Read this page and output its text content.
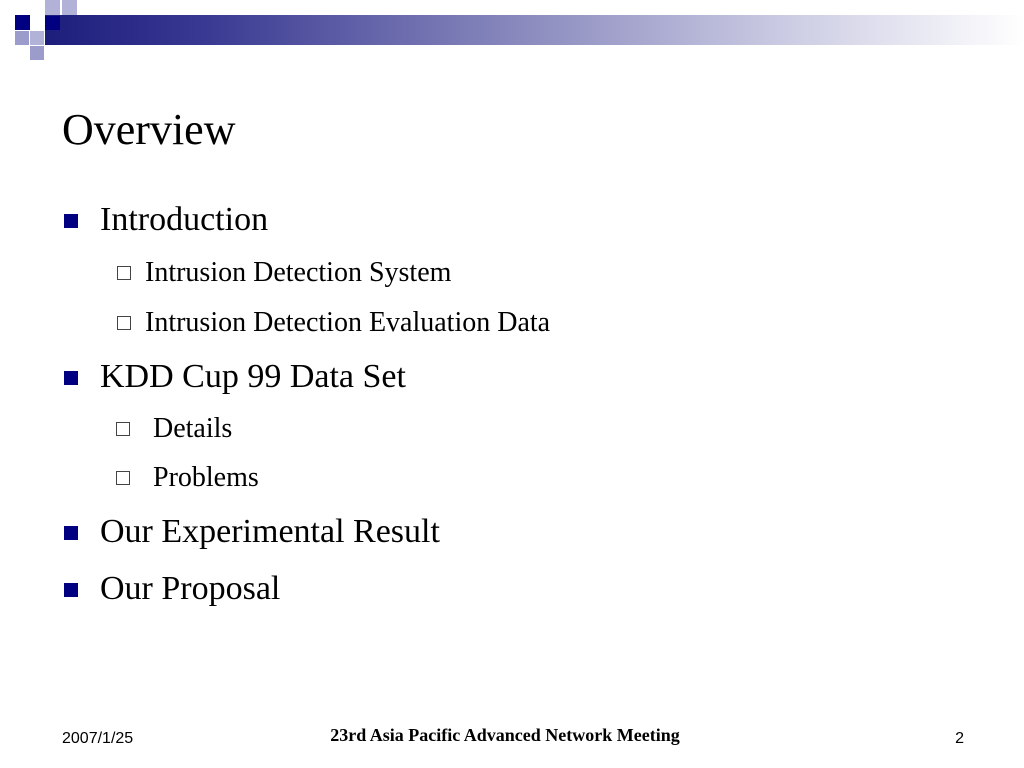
Overview
Introduction
Intrusion Detection System
Intrusion Detection Evaluation Data
KDD Cup 99 Data Set
Details
Problems
Our Experimental Result
Our Proposal
2007/1/25	23rd Asia Pacific Advanced Network Meeting	2
